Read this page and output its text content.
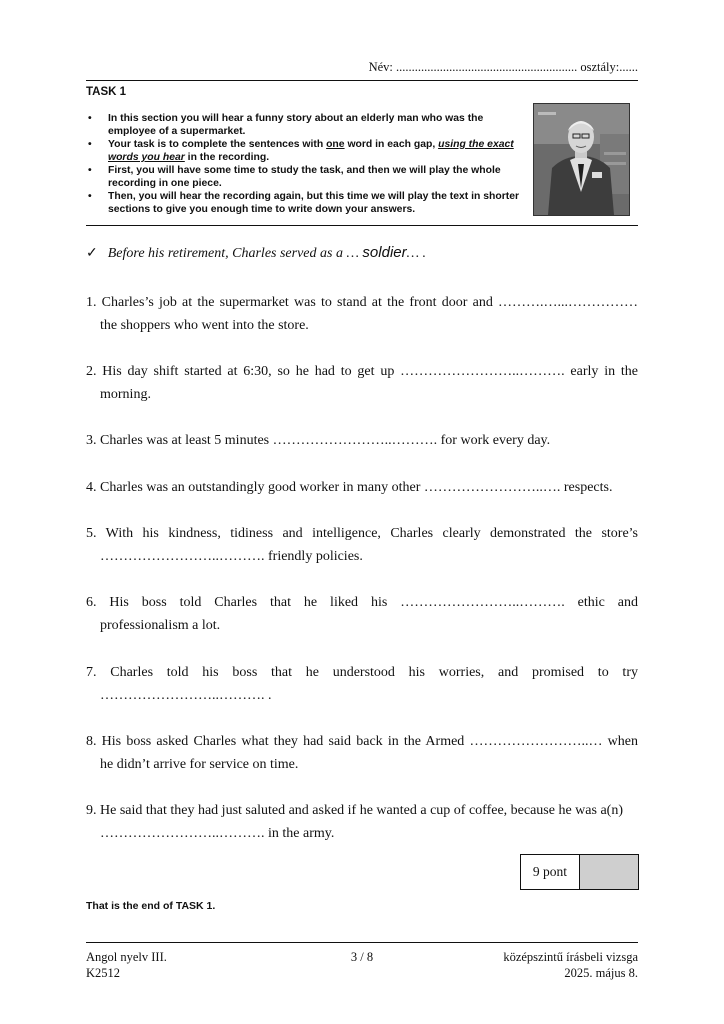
Név: .......................................................... osztály:......
TASK 1
• In this section you will hear a funny story about an elderly man who was the employee of a supermarket.
• Your task is to complete the sentences with one word in each gap, using the exact words you hear in the recording.
• First, you will have some time to study the task, and then we will play the whole recording in one piece.
• Then, you will hear the recording again, but this time we will play the text in shorter sections to give you enough time to write down your answers.
✓ Before his retirement, Charles served as a … soldier… .
1. Charles’s job at the supermarket was to stand at the front door and ……….…...……………
the shoppers who went into the store.
2. His day shift started at 6:30, so he had to get up ……………………..………. early in the
morning.
3. Charles was at least 5 minutes ……………………..………. for work every day.
4. Charles was an outstandingly good worker in many other ……………………..…. respects.
5. With his kindness, tidiness and intelligence, Charles clearly demonstrated the store’s
……………………..………. friendly policies.
6. His boss told Charles that he liked his ……………………..………. ethic and
professionalism a lot.
7. Charles told his boss that he understood his worries, and promised to try
……………………..………. .
8. His boss asked Charles what they had said back in the Armed ……………………..… when
he didn’t arrive for service on time.
9. He said that they had just saluted and asked if he wanted a cup of coffee, because he was a(n)
……………………..………. in the army.
9 pont
That is the end of TASK 1.
Angol nyelv III.
K2512
3 / 8	középszintű írásbeli vizsga
2025. május 8.
